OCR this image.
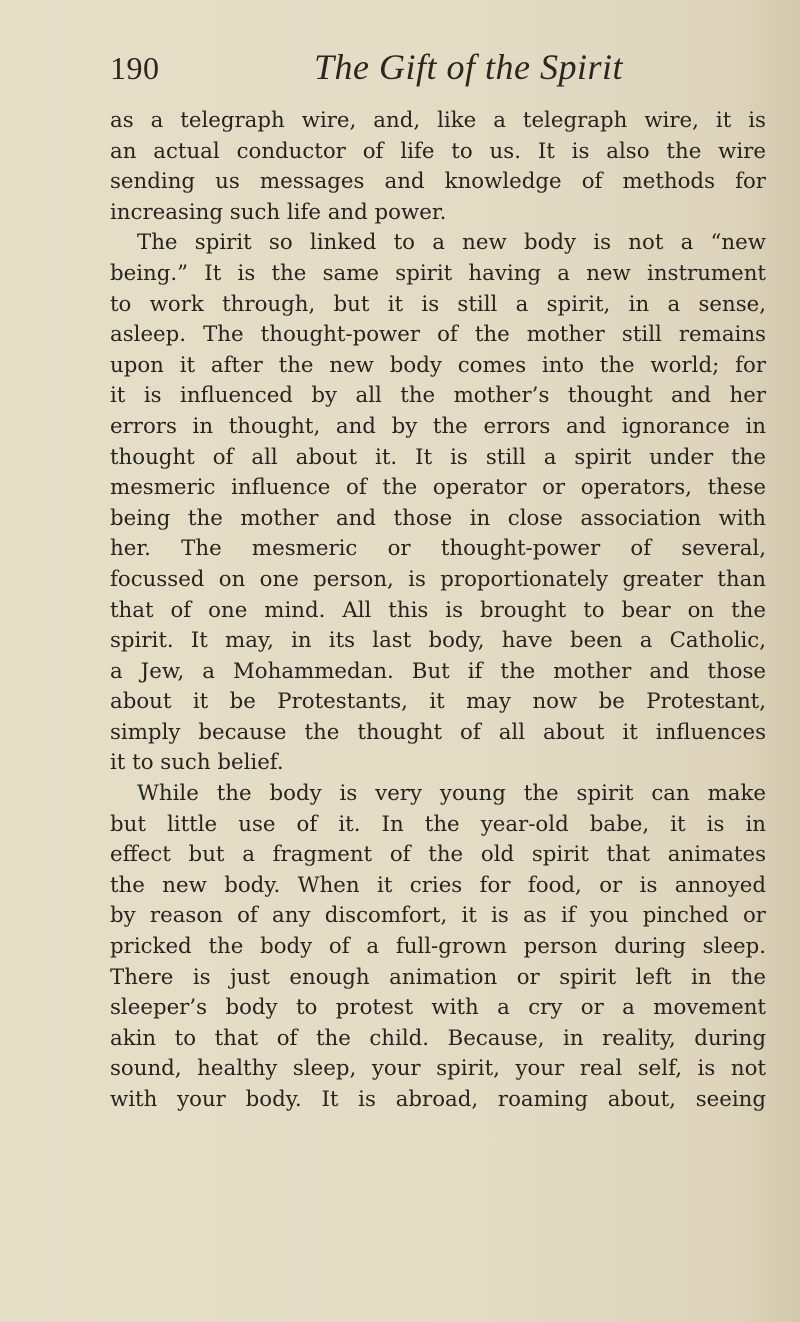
190	The Gift of the Spirit
as a telegraph wire, and, like a telegraph wire, it is
an actual conductor of life to us. It is also the wire
sending us messages and knowledge of methods for
increasing such life and power.
The spirit so linked to a new body is not a “new
being.” It is the same spirit having a new instrument
to work through, but it is still a spirit, in a sense,
asleep. The thought-power of the mother still remains
upon it after the new body comes into the world; for
it is influenced by all the mother’s thought and her
errors in thought, and by the errors and ignorance in
thought of all about it. It is still a spirit under the
mesmeric influence of the operator or operators, these
being the mother and those in close association with
her. The mesmeric or thought-power of several,
focussed on one person, is proportionately greater than
that of one mind. All this is brought to bear on the
spirit. It may, in its last body, have been a Catholic,
a Jew, a Mohammedan. But if the mother and those
about it be Protestants, it may now be Protestant,
simply because the thought of all about it influences
it to such belief.
While the body is very young the spirit can make
but little use of it. In the year-old babe, it is in
effect but a fragment of the old spirit that animates
the new body. When it cries for food, or is annoyed
by reason of any discomfort, it is as if you pinched or
pricked the body of a full-grown person during sleep.
There is just enough animation or spirit left in the
sleeper’s body to protest with a cry or a movement
akin to that of the child. Because, in reality, during
sound, healthy sleep, your spirit, your real self, is not
with your body. It is abroad, roaming about, seeing
